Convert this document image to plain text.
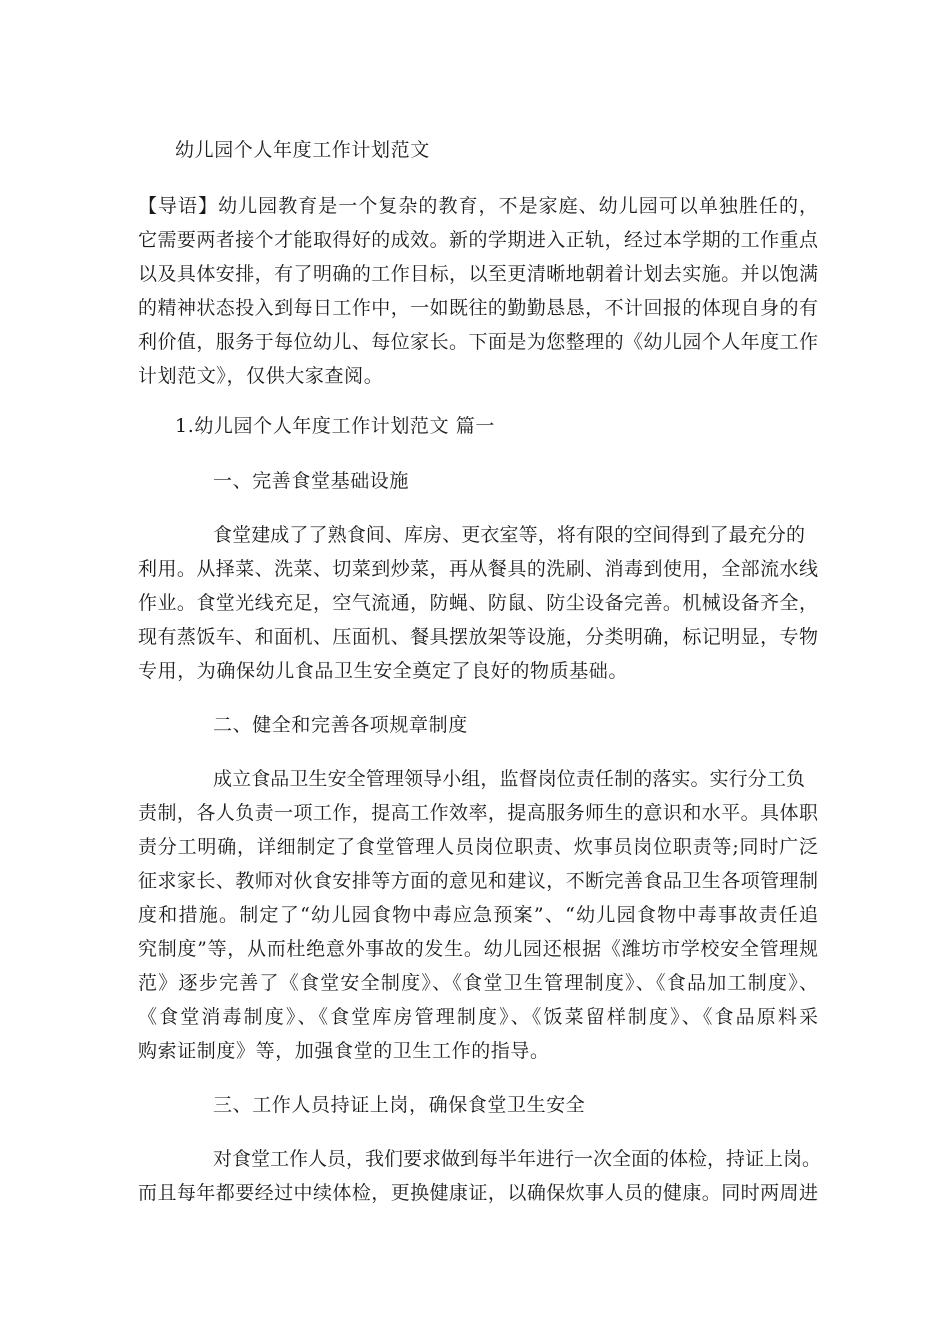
幼儿园个人年度工作计划范文
【导语】幼儿园教育是一个复杂的教育，不是家庭、幼儿园可以单独胜任的，
它需要两者接个才能取得好的成效。新的学期进入正轨，经过本学期的工作重点
以及具体安排，有了明确的工作目标，以至更清晰地朝着计划去实施。并以饱满
的精神状态投入到每日工作中，一如既往的勤勤恳恳，不计回报的体现自身的有
利价值，服务于每位幼儿、每位家长。下面是为您整理的《幼儿园个人年度工作
计划范文》，仅供大家查阅。
1.幼儿园个人年度工作计划范文 篇一
一、完善食堂基础设施
食堂建成了了熟食间、库房、更衣室等，将有限的空间得到了最充分的
利用。从择菜、洗菜、切菜到炒菜，再从餐具的洗刷、消毒到使用，全部流水线
作业。食堂光线充足，空气流通，防蝇、防鼠、防尘设备完善。机械设备齐全，
现有蒸饭车、和面机、压面机、餐具摆放架等设施，分类明确，标记明显，专物
专用，为确保幼儿食品卫生安全奠定了良好的物质基础。
二、健全和完善各项规章制度
成立食品卫生安全管理领导小组，监督岗位责任制的落实。实行分工负
责制，各人负责一项工作，提高工作效率，提高服务师生的意识和水平。具体职
责分工明确，详细制定了食堂管理人员岗位职责、炊事员岗位职责等;同时广泛
征求家长、教师对伙食安排等方面的意见和建议，不断完善食品卫生各项管理制
度和措施。制定了“幼儿园食物中毒应急预案”、“幼儿园食物中毒事故责任追
究制度”等，从而杜绝意外事故的发生。幼儿园还根据《潍坊市学校安全管理规
范》逐步完善了《食堂安全制度》、《食堂卫生管理制度》、《食品加工制度》、
《食堂消毒制度》、《食堂库房管理制度》、《饭菜留样制度》、《食品原料采
购索证制度》等，加强食堂的卫生工作的指导。
三、工作人员持证上岗，确保食堂卫生安全
对食堂工作人员，我们要求做到每半年进行一次全面的体检，持证上岗。
而且每年都要经过中续体检，更换健康证，以确保炊事人员的健康。同时两周进
